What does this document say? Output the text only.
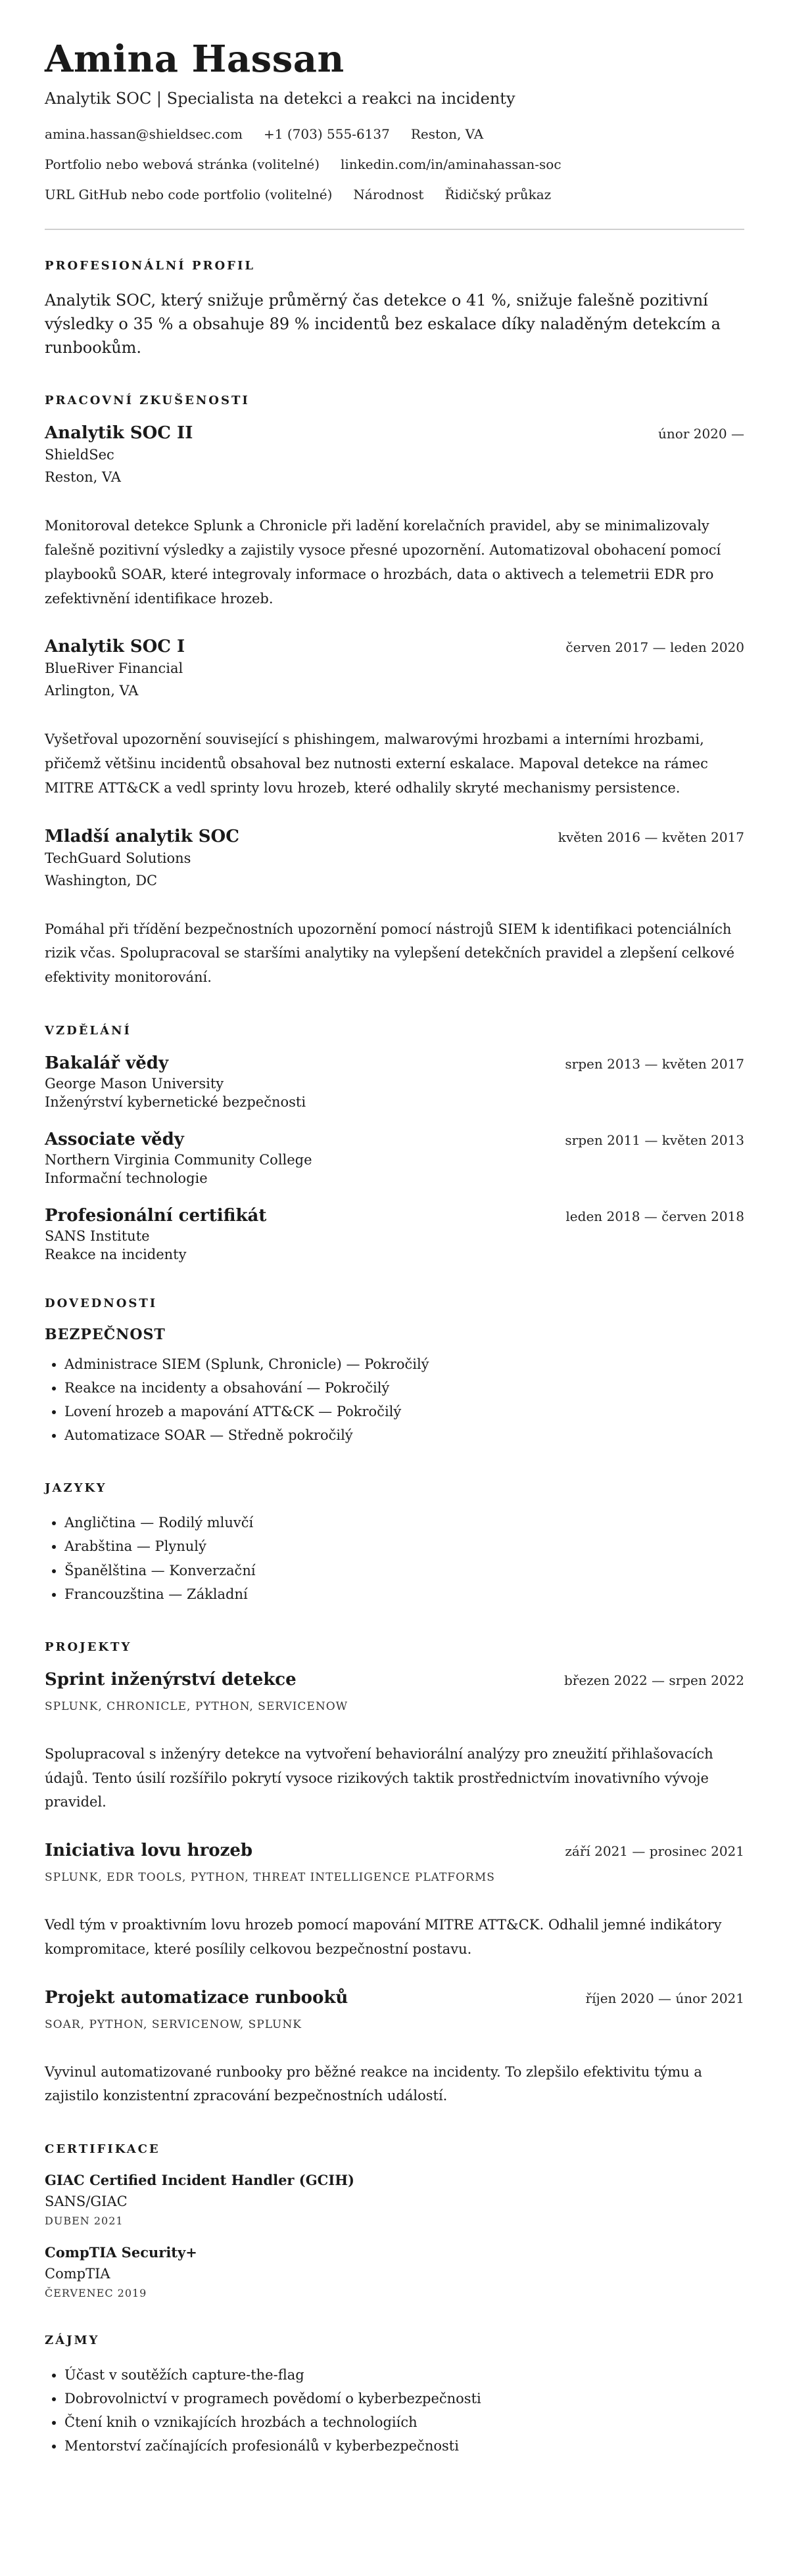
Amina Hassan
Analytik SOC | Specialista na detekci a reakci na incidenty
amina.hassan@shieldsec.com +1 (703) 555-6137 Reston, VA
Portfolio nebo webová stránka (volitelné) linkedin.com/in/aminahassan-soc
URL GitHub nebo code portfolio (volitelné) Národnost Řidičský průkaz
PROFESIONÁLNÍ PROFIL

Analytik SOC, který snižuje průměrný čas detekce o 41 %, snižuje falešně pozitivní výsledky o 35 % a obsahuje 89 % incidentů bez eskalace díky naladěným detekcím a runbookům.

PRACOVNÍ ZKUŠENOSTI
Analytik SOC II	únor 2020 —
ShieldSec
Reston, VA
Monitoroval detekce Splunk a Chronicle při ladění korelačních pravidel, aby se minimalizovaly falešně pozitivní výsledky a zajistily vysoce přesné upozornění. Automatizoval obohacení pomocí playbooků SOAR, které integrovaly informace o hrozbách, data o aktivech a telemetrii EDR pro zefektivnění identifikace hrozeb.
Analytik SOC I	červen 2017 — leden 2020
BlueRiver Financial
Arlington, VA
Vyšetřoval upozornění související s phishingem, malwarovými hrozbami a interními hrozbami, přičemž většinu incidentů obsahoval bez nutnosti externí eskalace. Mapoval detekce na rámec MITRE ATT&CK a vedl sprinty lovu hrozeb, které odhalily skryté mechanismy persistence.
Mladší analytik SOC	květen 2016 — květen 2017
TechGuard Solutions
Washington, DC
Pomáhal při třídění bezpečnostních upozornění pomocí nástrojů SIEM k identifikaci potenciálních rizik včas. Spolupracoval se staršími analytiky na vylepšení detekčních pravidel a zlepšení celkové efektivity monitorování.
VZDĚLÁNÍ
Bakalář vědy	srpen 2013 — květen 2017
George Mason University
Inženýrství kybernetické bezpečnosti
Associate vědy	srpen 2011 — květen 2013
Northern Virginia Community College
Informační technologie
Profesionální certifikát	leden 2018 — červen 2018
SANS Institute
Reakce na incidenty
DOVEDNOSTI
BEZPEČNOST
• Administrace SIEM (Splunk, Chronicle) — Pokročilý
• Reakce na incidenty a obsahování — Pokročilý
• Lovení hrozeb a mapování ATT&CK — Pokročilý
• Automatizace SOAR — Středně pokročilý
JAZYKY
• Angličtina — Rodilý mluvčí
• Arabština — Plynulý
• Španělština — Konverzační
• Francouzština — Základní
PROJEKTY
Sprint inženýrství detekce	březen 2022 — srpen 2022
SPLUNK, CHRONICLE, PYTHON, SERVICENOW
Spolupracoval s inženýry detekce na vytvoření behaviorální analýzy pro zneužití přihlašovacích údajů. Tento úsilí rozšířilo pokrytí vysoce rizikových taktik prostřednictvím inovativního vývoje pravidel.
Iniciativa lovu hrozeb	září 2021 — prosinec 2021
SPLUNK, EDR TOOLS, PYTHON, THREAT INTELLIGENCE PLATFORMS
Vedl tým v proaktivním lovu hrozeb pomocí mapování MITRE ATT&CK. Odhalil jemné indikátory kompromitace, které posílily celkovou bezpečnostní postavu.
Projekt automatizace runbooků	říjen 2020 — únor 2021
SOAR, PYTHON, SERVICENOW, SPLUNK
Vyvinul automatizované runbooky pro běžné reakce na incidenty. To zlepšilo efektivitu týmu a zajistilo konzistentní zpracování bezpečnostních událostí.
CERTIFIKACE
GIAC Certified Incident Handler (GCIH)
SANS/GIAC
DUBEN 2021
CompTIA Security+
CompTIA
ČERVENEC 2019
ZÁJMY
• Účast v soutěžích capture-the-flag
• Dobrovolnictví v programech povědomí o kyberbezpečnosti
• Čtení knih o vznikajících hrozbách a technologiích
• Mentorství začínajících profesionálů v kyberbezpečnosti
